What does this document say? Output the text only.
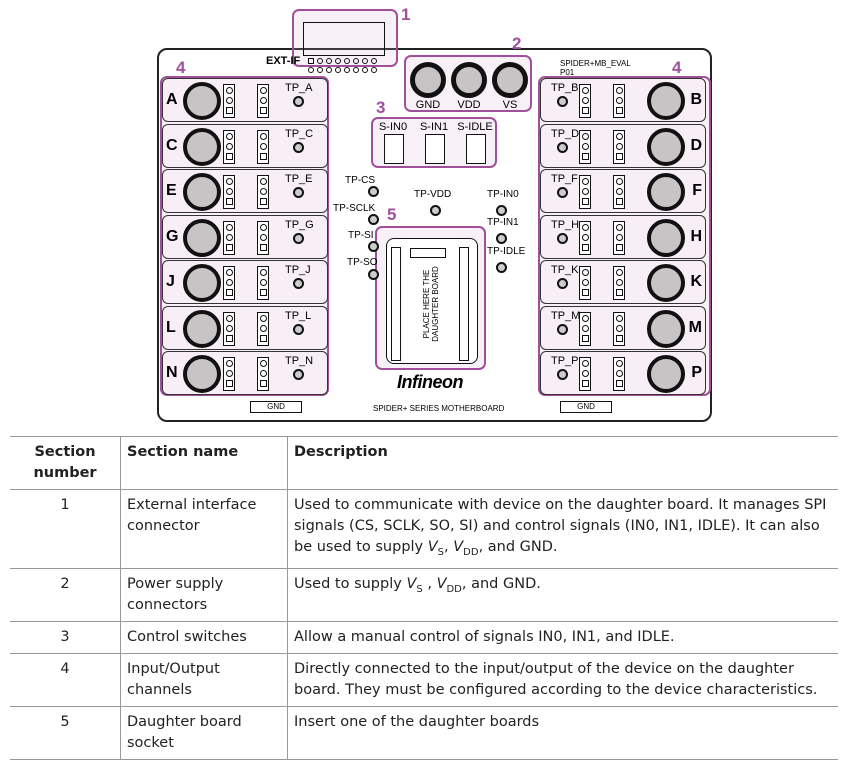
1
EXT-IF
2
SPIDER+MB_EVAL
P01
3
4	4
5
PLACE HERE THE DAUGHTER BOARD
Infineon
SPIDER+ SERIES MOTHERBOARD
GND	GND
Section number	Section name	Description
1	External interface connector	Used to communicate with device on the daughter board. It manages SPI signals (CS, SCLK, SO, SI) and control signals (IN0, IN1, IDLE). It can also be used to supply $V_S$, $V_{DD}$, and GND.
2	Power supply connectors	Used to supply $V_S$ , $V_{DD}$, and GND.
3	Control switches	Allow a manual control of signals IN0, IN1, and IDLE.
4	Input/Output channels	Directly connected to the input/output of the device on the daughter board. They must be configured according to the device characteristics.
5	Daughter board socket	Insert one of the daughter boards
GND	VDD	VS
S-IN0	S-IN1 S-IDLE
A
TP_A
C
TP_C
E
TP_E
G
TP_G
J
TP_J
L
TP_L
N
TP_N
B
TP_B
D
TP_D
F
TP_F
H
TP_H
K
TP_K
M
TP_M
P
TP_P
TP-CS
TP-SCLK
TP-SI
TP-SO
TP-VDD	TP-IN0
TP-IN1
TP-IDLE
